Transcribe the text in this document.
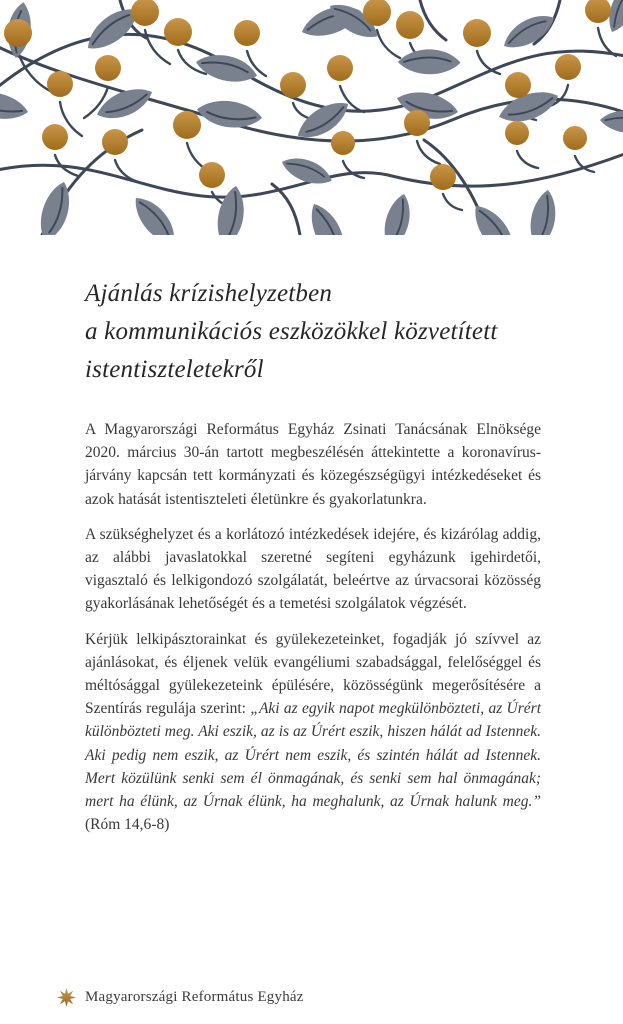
Ajánlás krízishelyzetben
a kommunikációs eszközökkel közvetített
istentiszteletekről

A Magyarországi Református Egyház Zsinati Tanácsának Elnöksége 2020. március 30-án tartott megbeszélésén áttekintette a koronavírus-járvány kapcsán tett kormányzati és közegészségügyi intézkedéseket és azok hatását istentiszteleti életünkre és gyakorlatunkra.

A szükséghelyzet és a korlátozó intézkedések idejére, és kizárólag addig, az alábbi javaslatokkal szeretné segíteni egyházunk igehirdetői, vigasztaló és lelkigondozó szolgálatát, beleértve az úrvacsorai közösség gyakorlásának lehetőségét és a temetési szolgálatok végzését.

Kérjük lelkipásztorainkat és gyülekezeteinket, fogadják jó szívvel az ajánlásokat, és éljenek velük evangéliumi szabadsággal, felelőséggel és méltósággal gyülekezeteink épülésére, közösségünk megerősítésére a Szentírás regulája szerint: „Aki az egyik napot megkülönbözteti, az Úrért különbözteti meg. Aki eszik, az is az Úrért eszik, hiszen hálát ad Istennek. Aki pedig nem eszik, az Úrért nem eszik, és szintén hálát ad Istennek. Mert közülünk senki sem él önmagának, és senki sem hal önmagának; mert ha élünk, az Úrnak élünk, ha meghalunk, az Úrnak halunk meg.” (Róm 14,6-8)

Magyarországi Református Egyház
